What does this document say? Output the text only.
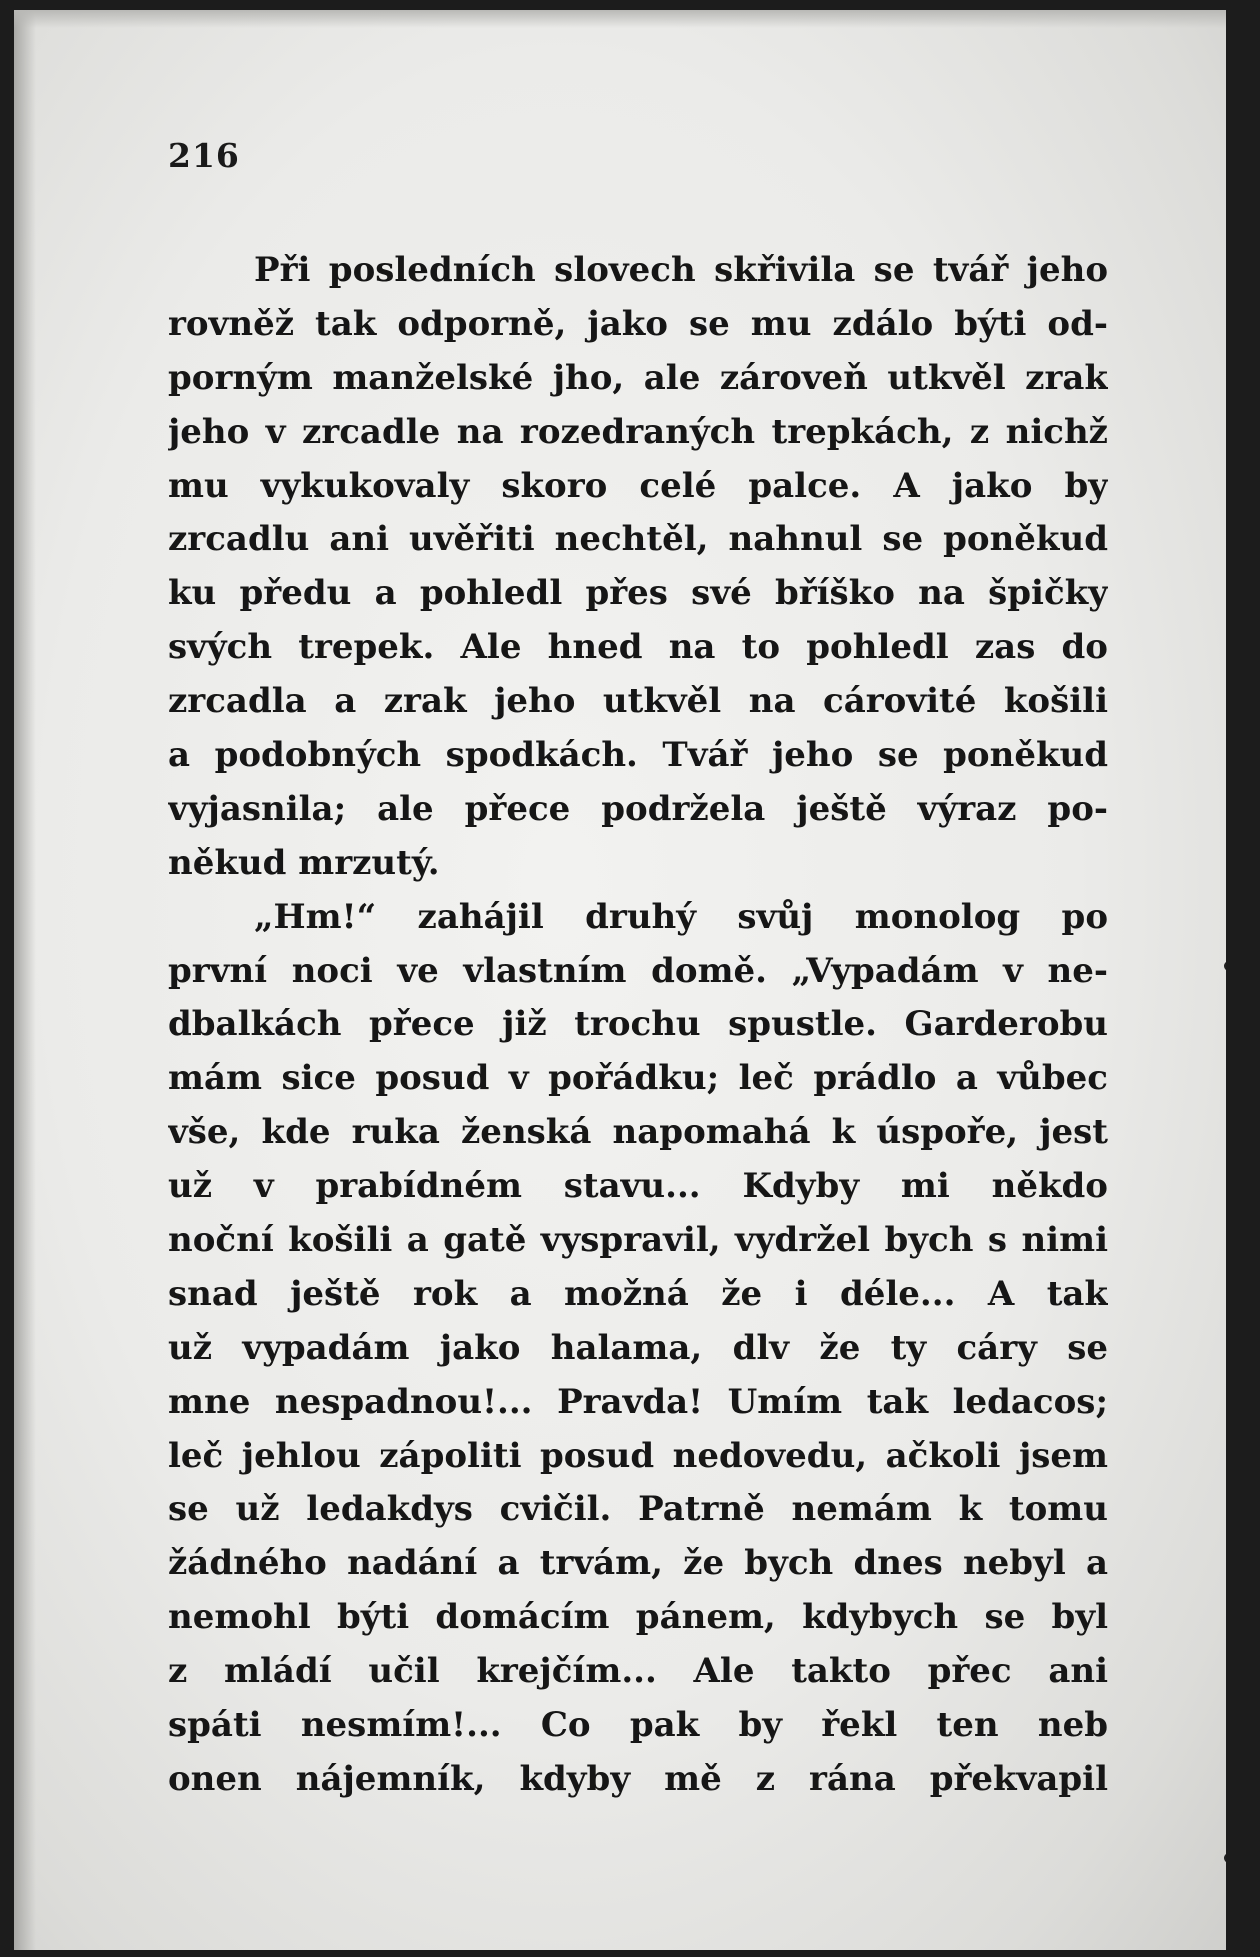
216
Při posledních slovech skřivila se tvář jeho
rovněž tak odporně, jako se mu zdálo býti od-
porným manželské jho, ale zároveň utkvěl zrak
jeho v zrcadle na rozedraných trepkách, z nichž
mu vykukovaly skoro celé palce. A jako by
zrcadlu ani uvěřiti nechtěl, nahnul se poněkud
ku předu a pohledl přes své bříško na špičky
svých trepek. Ale hned na to pohledl zas do
zrcadla a zrak jeho utkvěl na cárovité košili
a podobných spodkách. Tvář jeho se poněkud
vyjasnila; ale přece podržela ještě výraz po-
někud mrzutý.
„Hm!“ zahájil druhý svůj monolog po
první noci ve vlastním domě. „Vypadám v ne-
dbalkách přece již trochu spustle. Garderobu
mám sice posud v pořádku; leč prádlo a vůbec
vše, kde ruka ženská napomahá k úspoře, jest
už v prabídném stavu... Kdyby mi někdo
noční košili a gatě vyspravil, vydržel bych s nimi
snad ještě rok a možná že i déle... A tak
už vypadám jako halama, dlv že ty cáry se
mne nespadnou!... Pravda! Umím tak ledacos;
leč jehlou zápoliti posud nedovedu, ačkoli jsem
se už ledakdys cvičil. Patrně nemám k tomu
žádného nadání a trvám, že bych dnes nebyl a
nemohl býti domácím pánem, kdybych se byl
z mládí učil krejčím... Ale takto přec ani
spáti nesmím!... Co pak by řekl ten neb
onen nájemník, kdyby mě z rána překvapil
